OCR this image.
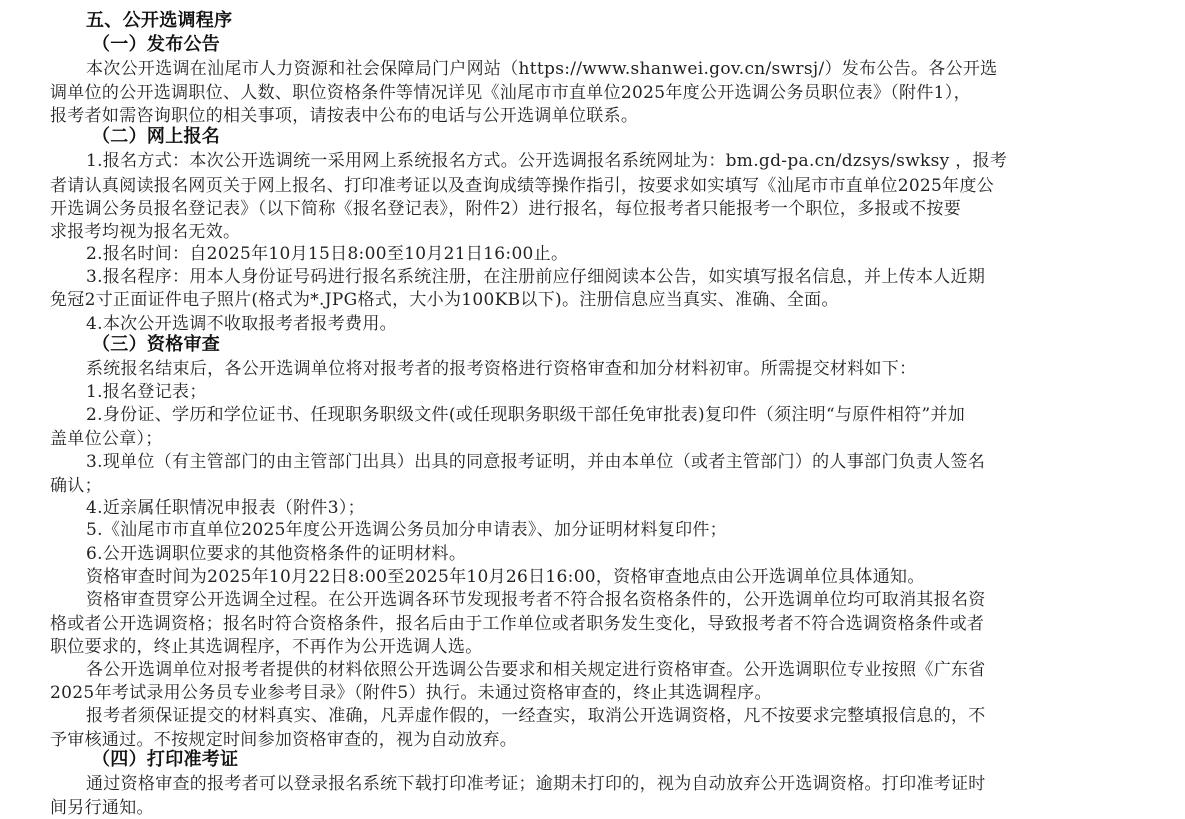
五、公开选调程序
（一）发布公告
本次公开选调在汕尾市人力资源和社会保障局门户网站（https://www.shanwei.gov.cn/swrsj/）发布公告。各公开选
调单位的公开选调职位、人数、职位资格条件等情况详见《汕尾市市直单位2025年度公开选调公务员职位表》（附件1），
报考者如需咨询职位的相关事项，请按表中公布的电话与公开选调单位联系。
（二）网上报名
1.报名方式：本次公开选调统一采用网上系统报名方式。公开选调报名系统网址为：bm.gd-pa.cn/dzsys/swksy ，报考
者请认真阅读报名网页关于网上报名、打印准考证以及查询成绩等操作指引，按要求如实填写《汕尾市市直单位2025年度公
开选调公务员报名登记表》（以下简称《报名登记表》，附件2）进行报名，每位报考者只能报考一个职位，多报或不按要
求报考均视为报名无效。
2.报名时间：自2025年10月15日8:00至10月21日16:00止。
3.报名程序：用本人身份证号码进行报名系统注册，在注册前应仔细阅读本公告，如实填写报名信息，并上传本人近期
免冠2寸正面证件电子照片(格式为*.JPG格式，大小为100KB以下)。注册信息应当真实、准确、全面。
4.本次公开选调不收取报考者报考费用。
（三）资格审查
系统报名结束后，各公开选调单位将对报考者的报考资格进行资格审查和加分材料初审。所需提交材料如下：
1.报名登记表；
2.身份证、学历和学位证书、任现职务职级文件(或任现职务职级干部任免审批表)复印件（须注明“与原件相符”并加
盖单位公章）；
3.现单位（有主管部门的由主管部门出具）出具的同意报考证明，并由本单位（或者主管部门）的人事部门负责人签名
确认；
4.近亲属任职情况申报表（附件3）；
5.《汕尾市市直单位2025年度公开选调公务员加分申请表》、加分证明材料复印件；
6.公开选调职位要求的其他资格条件的证明材料。
资格审查时间为2025年10月22日8:00至2025年10月26日16:00，资格审查地点由公开选调单位具体通知。
资格审查贯穿公开选调全过程。在公开选调各环节发现报考者不符合报名资格条件的，公开选调单位均可取消其报名资
格或者公开选调资格；报名时符合资格条件，报名后由于工作单位或者职务发生变化，导致报考者不符合选调资格条件或者
职位要求的，终止其选调程序，不再作为公开选调人选。
各公开选调单位对报考者提供的材料依照公开选调公告要求和相关规定进行资格审查。公开选调职位专业按照《广东省
2025年考试录用公务员专业参考目录》（附件5）执行。未通过资格审查的，终止其选调程序。
报考者须保证提交的材料真实、准确，凡弄虚作假的，一经查实，取消公开选调资格，凡不按要求完整填报信息的，不
予审核通过。不按规定时间参加资格审查的，视为自动放弃。
（四）打印准考证
通过资格审查的报考者可以登录报名系统下载打印准考证；逾期未打印的，视为自动放弃公开选调资格。打印准考证时
间另行通知。
